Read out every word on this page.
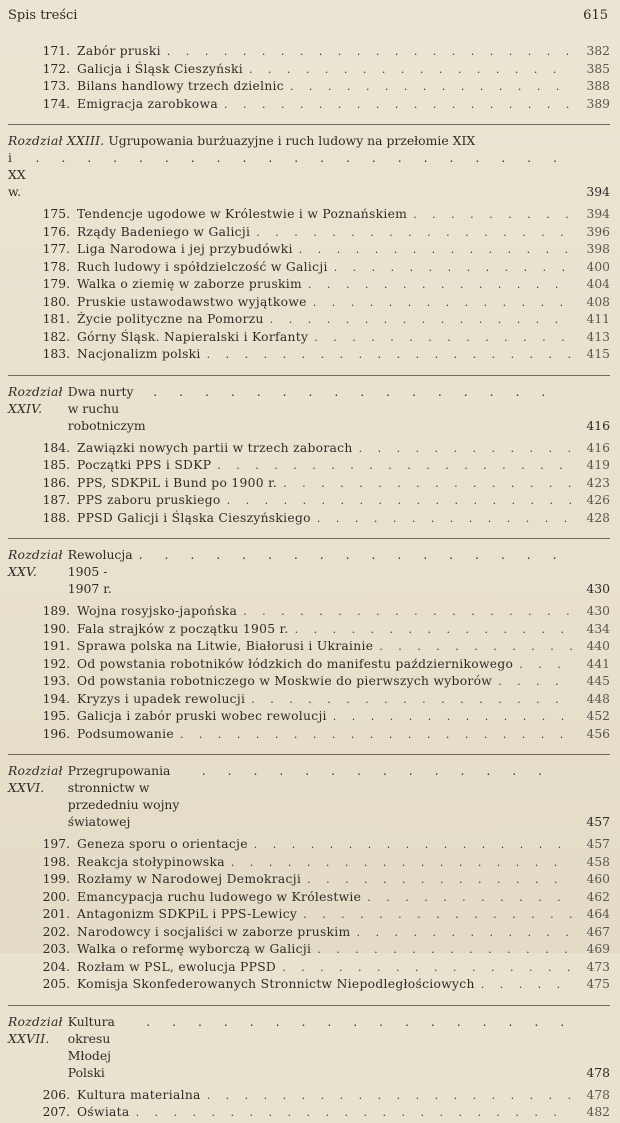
Spis treści	615
171. Zabór pruski . . .	382
172. Galicja i Śląsk Cieszyński . . .	385
173. Bilans handlowy trzech dzielnic . . .	388
174. Emigracja zarobkowa . . .	389
Rozdział XXIII. Ugrupowania burżuazyjne i ruch ludowy na przełomie XIX
i XX w.
. . .	394
175. Tendencje ugodowe w Królestwie i w Poznańskiem . . .	394
176. Rządy Badeniego w Galicji . . .	396
177. Liga Narodowa i jej przybudówki . . .	398
178. Ruch ludowy i spółdzielczość w Galicji . . .	400
179. Walka o ziemię w zaborze pruskim . . .	404
180. Pruskie ustawodawstwo wyjątkowe . . .	408
181. Życie polityczne na Pomorzu . . .	411
182. Górny Śląsk. Napieralski i Korfanty . . .	413
183. Nacjonalizm polski . . .	415
Rozdział XXIV.
Dwa nurty w ruchu robotniczym
. . .	416
184. Zawiązki nowych partii w trzech zaborach . . .	416
185. Początki PPS i SDKP . . .	419
186. PPS, SDKPiL i Bund po 1900 r. . . .	423
187. PPS zaboru pruskiego . . .	426
188. PPSD Galicji i Śląska Cieszyńskiego . . .	428
Rozdział XXV.
Rewolucja 1905 - 1907 r.
. . .	430
189. Wojna rosyjsko-japońska . . .	430
190. Fala strajków z początku 1905 r. . . .	434
191. Sprawa polska na Litwie, Białorusi i Ukrainie . . .	440
192. Od powstania robotników łódzkich do manifestu październikowego . . .	441
193. Od powstania robotniczego w Moskwie do pierwszych wyborów . . .	445
194. Kryzys i upadek rewolucji . . .	448
195. Galicja i zabór pruski wobec rewolucji . . .	452
196. Podsumowanie . . .	456
Rozdział XXVI.
Przegrupowania stronnictw w przededniu wojny światowej
. . .	457
197. Geneza sporu o orientacje . . .	457
198. Reakcja stołypinowska . . .	458
199. Rozłamy w Narodowej Demokracji . . .	460
200. Emancypacja ruchu ludowego w Królestwie . . .	462
201. Antagonizm SDKPiL i PPS-Lewicy . . .	464
202. Narodowcy i socjaliści w zaborze pruskim . . .	467
203. Walka o reformę wyborczą w Galicji . . .	469
204. Rozłam w PSL, ewolucja PPSD . . .	473
205. Komisja Skonfederowanych Stronnictw Niepodległościowych . . .	475
Rozdział XXVII.
Kultura okresu Młodej Polski
. . .	478
206. Kultura materialna . . .	478
207. Oświata . . .	482
